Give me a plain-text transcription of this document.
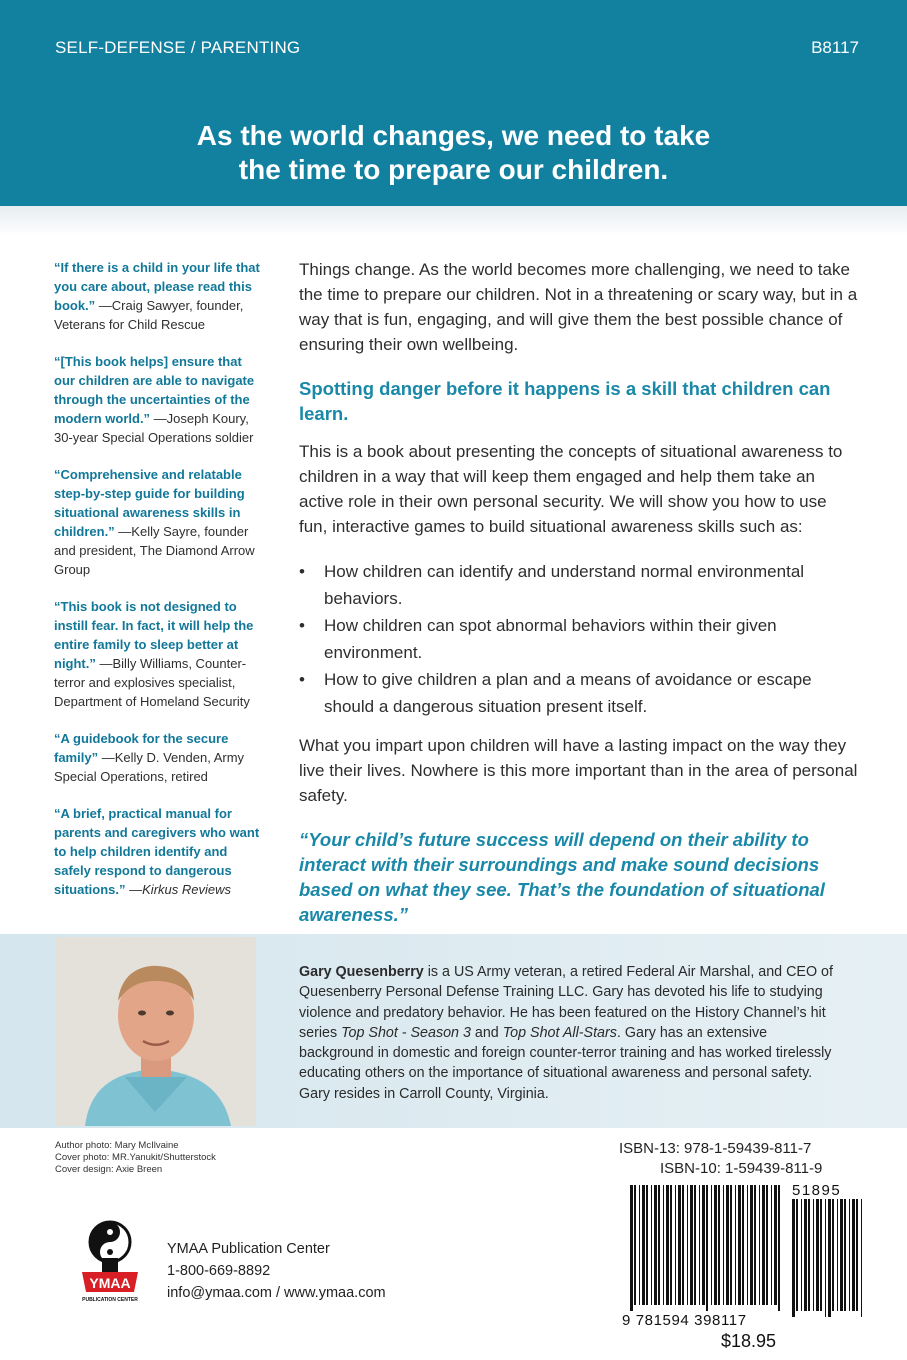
SELF-DEFENSE / PARENTING	B8117
As the world changes, we need to take
the time to prepare our children.
“If there is a child in your life that you care about, please read this book.” —Craig Sawyer, founder, Veterans for Child Rescue
“[This book helps] ensure that our children are able to navigate through the uncertainties of the modern world.” —Joseph Koury, 30-year Special Operations soldier
“Comprehensive and relatable step-by-step guide for building situational awareness skills in children.” —Kelly Sayre, founder and president, The Diamond Arrow Group
“This book is not designed to instill fear. In fact, it will help the entire family to sleep better at night.” —Billy Williams, Counter-terror and explosives specialist, Department of Homeland Security
“A guidebook for the secure family” —Kelly D. Venden, Army Special Operations, retired
“A brief, practical manual for parents and caregivers who want to help children identify and safely respond to dangerous situations.” —Kirkus Reviews

Things change. As the world becomes more challenging, we need to take the time to prepare our children. Not in a threatening or scary way, but in a way that is fun, engaging, and will give them the best possible chance of ensuring their own wellbeing.

Spotting danger before it happens is a skill that children can learn.

This is a book about presenting the concepts of situational awareness to children in a way that will keep them engaged and help them take an active role in their own personal security. We will show you how to use fun, interactive games to build situational awareness skills such as:

• How children can identify and understand normal environmental behaviors.
• How children can spot abnormal behaviors within their given environment.
• How to give children a plan and a means of avoidance or escape should a dangerous situation present itself.

What you impart upon children will have a lasting impact on the way they live their lives. Nowhere is this more important than in the area of personal safety.

“Your child’s future success will depend on their ability to interact with their surroundings and make sound decisions based on what they see. That’s the foundation of situational awareness.”
Gary Quesenberry is a US Army veteran, a retired Federal Air Marshal, and CEO of Quesenberry Personal Defense Training LLC. Gary has devoted his life to studying violence and predatory behavior. He has been featured on the History Channel’s hit series Top Shot - Season 3 and Top Shot All-Stars. Gary has an extensive background in domestic and foreign counter-terror training and has worked tirelessly educating others on the importance of situational awareness and personal safety. Gary resides in Carroll County, Virginia.
Author photo: Mary McIlvaine
Cover photo: MR.Yanukit/Shutterstock
Cover design: Axie Breen
YMAA
PUBLICATION CENTER
YMAA Publication Center
1-800-669-8892
info@ymaa.com / www.ymaa.com
ISBN-13: 978-1-59439-811-7
ISBN-10: 1-59439-811-9
51895
9 781594 398117
$18.95
